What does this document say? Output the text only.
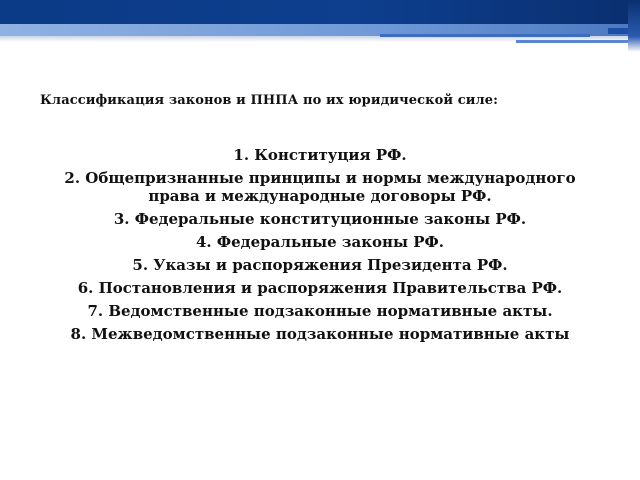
Классификация законов и ПНПА по их юридической силе:
1. Конституция РФ.
2. Общепризнанные принципы и нормы международного права и международные договоры РФ.
3. Федеральные конституционные законы РФ.
4. Федеральные законы РФ.
5. Указы и распоряжения Президента РФ.
6. Постановления и распоряжения Правительства РФ.
7. Ведомственные подзаконные нормативные акты.
8. Межведомственные подзаконные нормативные акты
